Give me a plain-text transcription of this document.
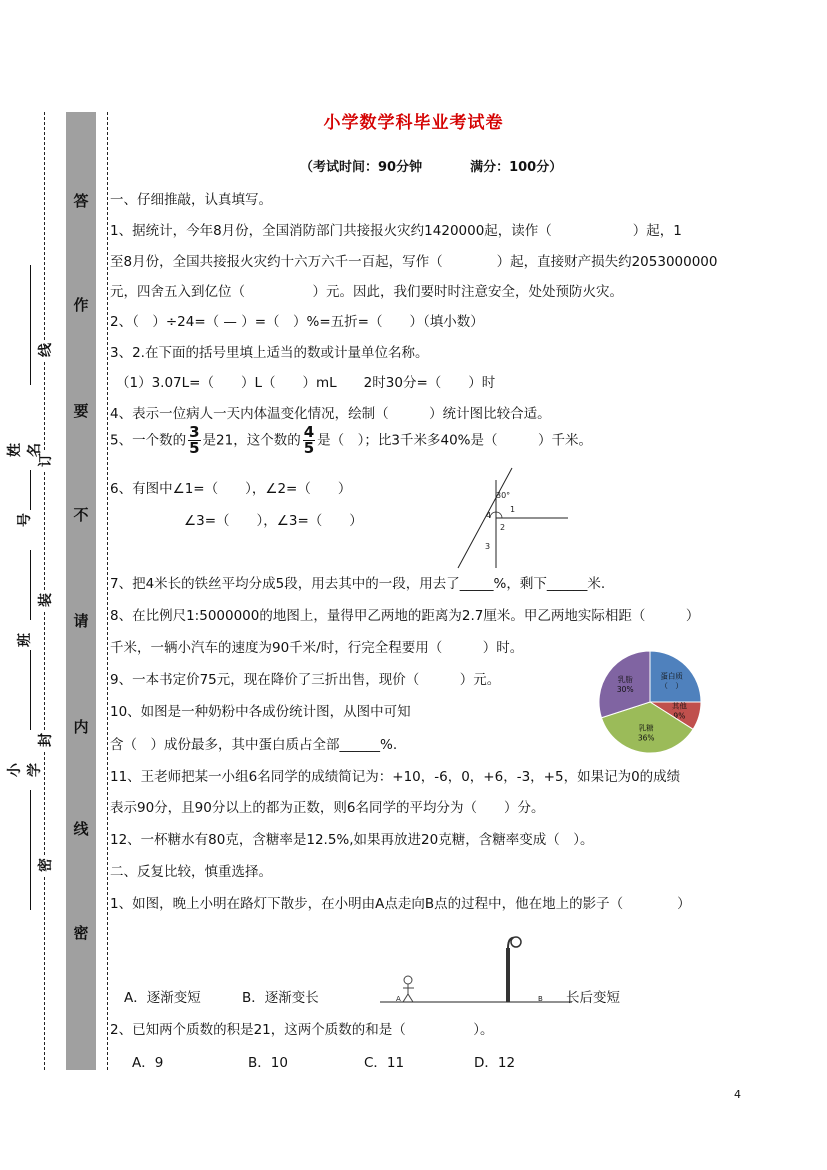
答
作
要
不
请
内
线
密
线
订
装
封
密
姓名
号
班
小学
小学数学科毕业考试卷
（考试时间：90分钟	满分：100分）
一、仔细推敲，认真填写。
1、据统计，今年8月份，全国消防部门共接报火灾约1420000起，读作（　　　　　　）起，1
至8月份，全国共接报火灾约十六万六千一百起，写作（　　　　）起，直接财产损失约2053000000
元，四舍五入到亿位（　　　　　）元。因此，我们要时时注意安全，处处预防火灾。
2、（　）÷24=（ — ）=（　）%=五折=（　　）（填小数）
3、2.在下面的括号里填上适当的数或计量单位名称。
（1）3.07L=（　　）L（　　）mL　　2时30分=（　　）时
4、表示一位病人一天内体温变化情况，绘制（　　　）统计图比较合适。
5、一个数的 $\frac{3}{5}$ 是21，这个数的 $\frac{4}{5}$ 是（　）；比3千米多40%是（　　　）千米。
6、有图中∠1=（　　），∠2=（　　）
∠3=（　　），∠3=（　　）
30°
1
2
3
4
7、把4米长的铁丝平均分成5段，用去其中的一段，用去了_____%，剩下______米.
8、在比例尺1:5000000的地图上，量得甲乙两地的距离为2.7厘米。甲乙两地实际相距（　　　）
千米，一辆小汽车的速度为90千米/时，行完全程要用（　　　）时。
9、一本书定价75元，现在降价了三折出售，现价（　　　）元。
10、如图是一种奶粉中各成份统计图，从图中可知
含（　）成份最多，其中蛋白质占全部______%.
蛋白质
（　）
其他
9%
乳糖
36%
乳脂
30%
11、王老师把某一小组6名同学的成绩简记为：+10，-6，0，+6，-3，+5，如果记为0的成绩
表示90分，且90分以上的都为正数，则6名同学的平均分为（　　）分。
12、一杯糖水有80克，含糖率是12.5%,如果再放进20克糖，含糖率变成（　）。
二、反复比较，慎重选择。
1、如图，晚上小明在路灯下散步，在小明由A点走向B点的过程中，他在地上的影子（　　　　）
A	B
A．逐渐变短	B．逐渐变长	长后变短
2、已知两个质数的积是21，这两个质数的和是（　　　　　）。
A．9	B．10	C．11	D．12
4
